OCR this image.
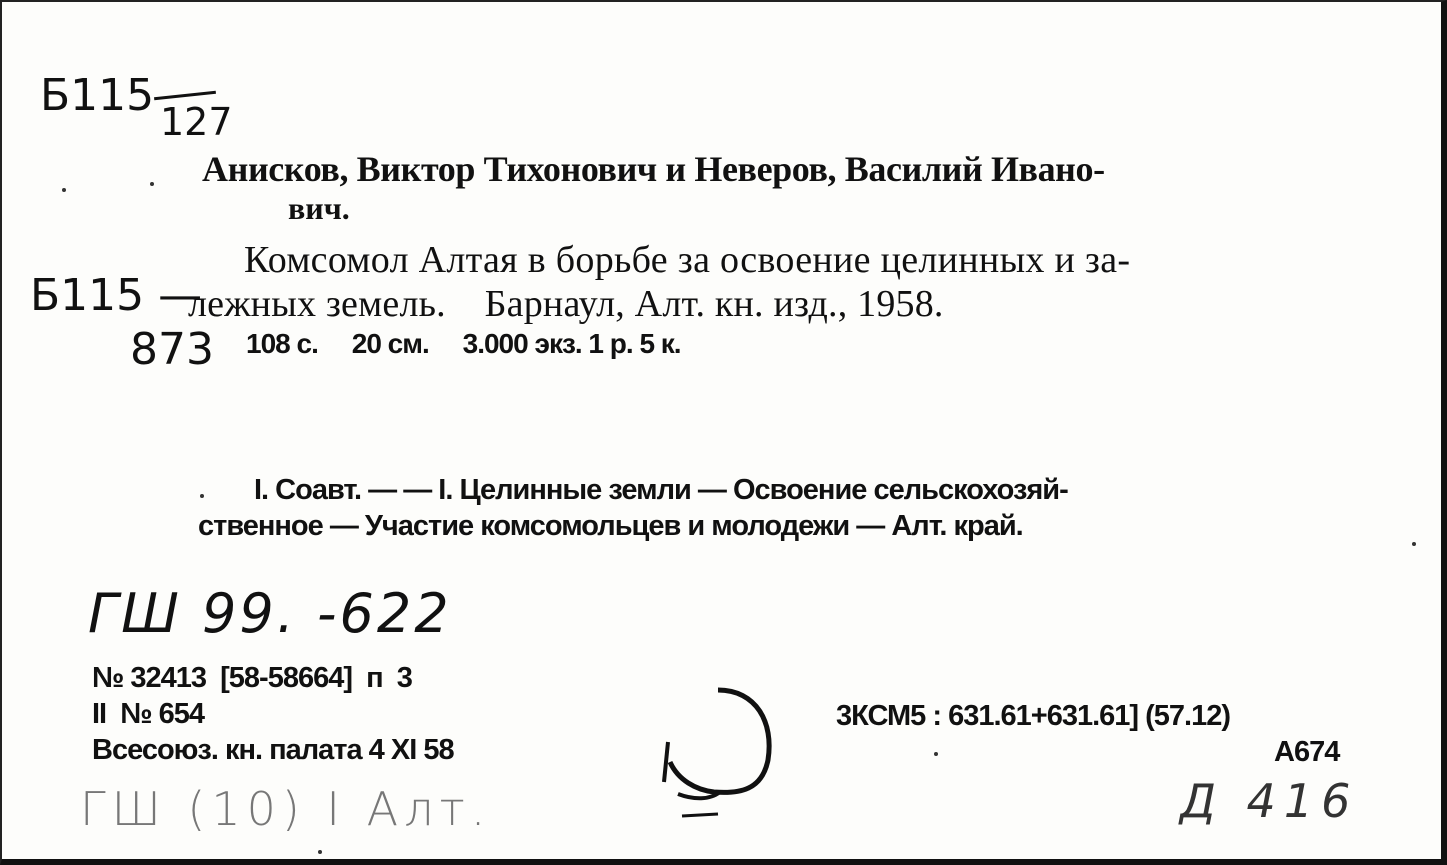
Б115
127
Анисков, Виктор Тихонович и Неверов, Василий Ивано-
вич.
Комсомол Алтая в борьбе за освоение целинных и за-
Б115 —
лежных земель.    Барнаул, Алт. кн. изд., 1958.
873 108 с.     20 см.     3.000 экз. 1 р. 5 к.
I. Соавт. — — I. Целинные земли — Освоение сельскохозяй-
ственное — Участие комсомольцев и молодежи — Алт. край.
ГШ 99. -622
№ 32413  [58-58664]  п  3
II  № 654
Всесоюз. кн. палата 4 XI 58
3КСМ5 : 631.61+631.61] (57.12)
А674
ГШ (10) I Алт.	Д 416
